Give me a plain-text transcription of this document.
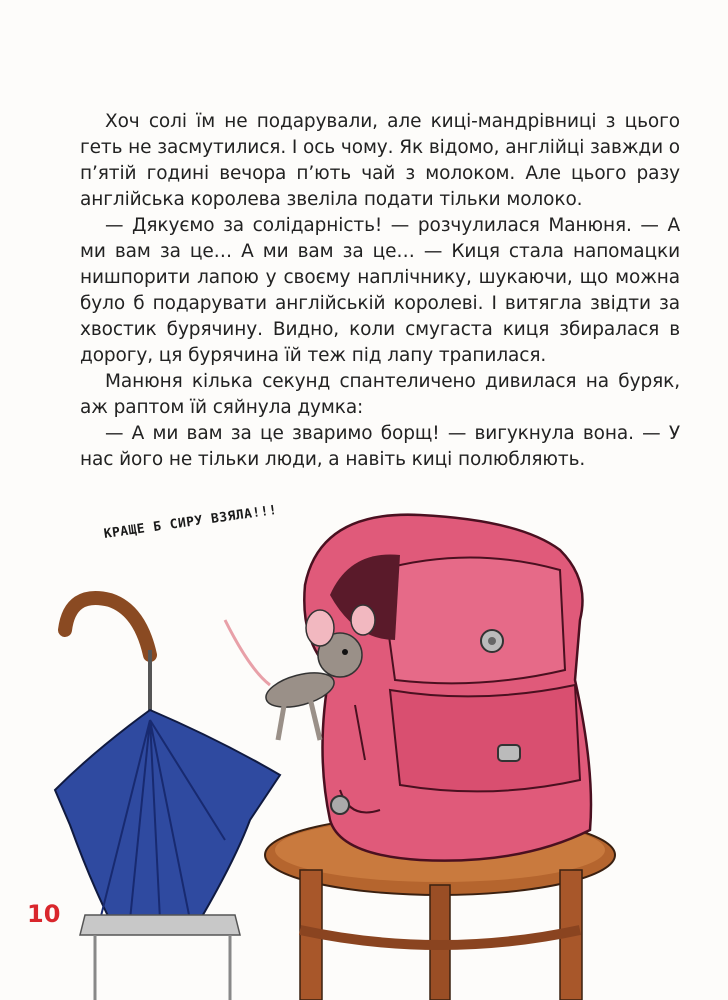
Хоч солі їм не подарували, але киці-мандрівниці з цього геть не засмутилися. І ось чому. Як відомо, англійці завжди о п’ятій годині вечора п’ють чай з молоком. Але цього разу англійська королева звеліла подати тільки молоко.

— Дякуємо за солідарність! — розчулилася Манюня. — А ми вам за це… А ми вам за це… — Киця стала напомацки нишпорити лапою у своєму наплічнику, шукаючи, що можна було б подарувати англійській королеві. І витягла звідти за хвостик бурячину. Видно, коли смугаста киця збиралася в дорогу, ця бурячина їй теж під лапу трапилася.

Манюня кілька секунд спантеличено дивилася на буряк, аж раптом їй сяйнула думка:

— А ми вам за це зваримо борщ! — вигукнула вона. — У нас його не тільки люди, а навіть киці полюбляють.

КРАЩЕ Б СИРУ ВЗЯЛА!!!
10
